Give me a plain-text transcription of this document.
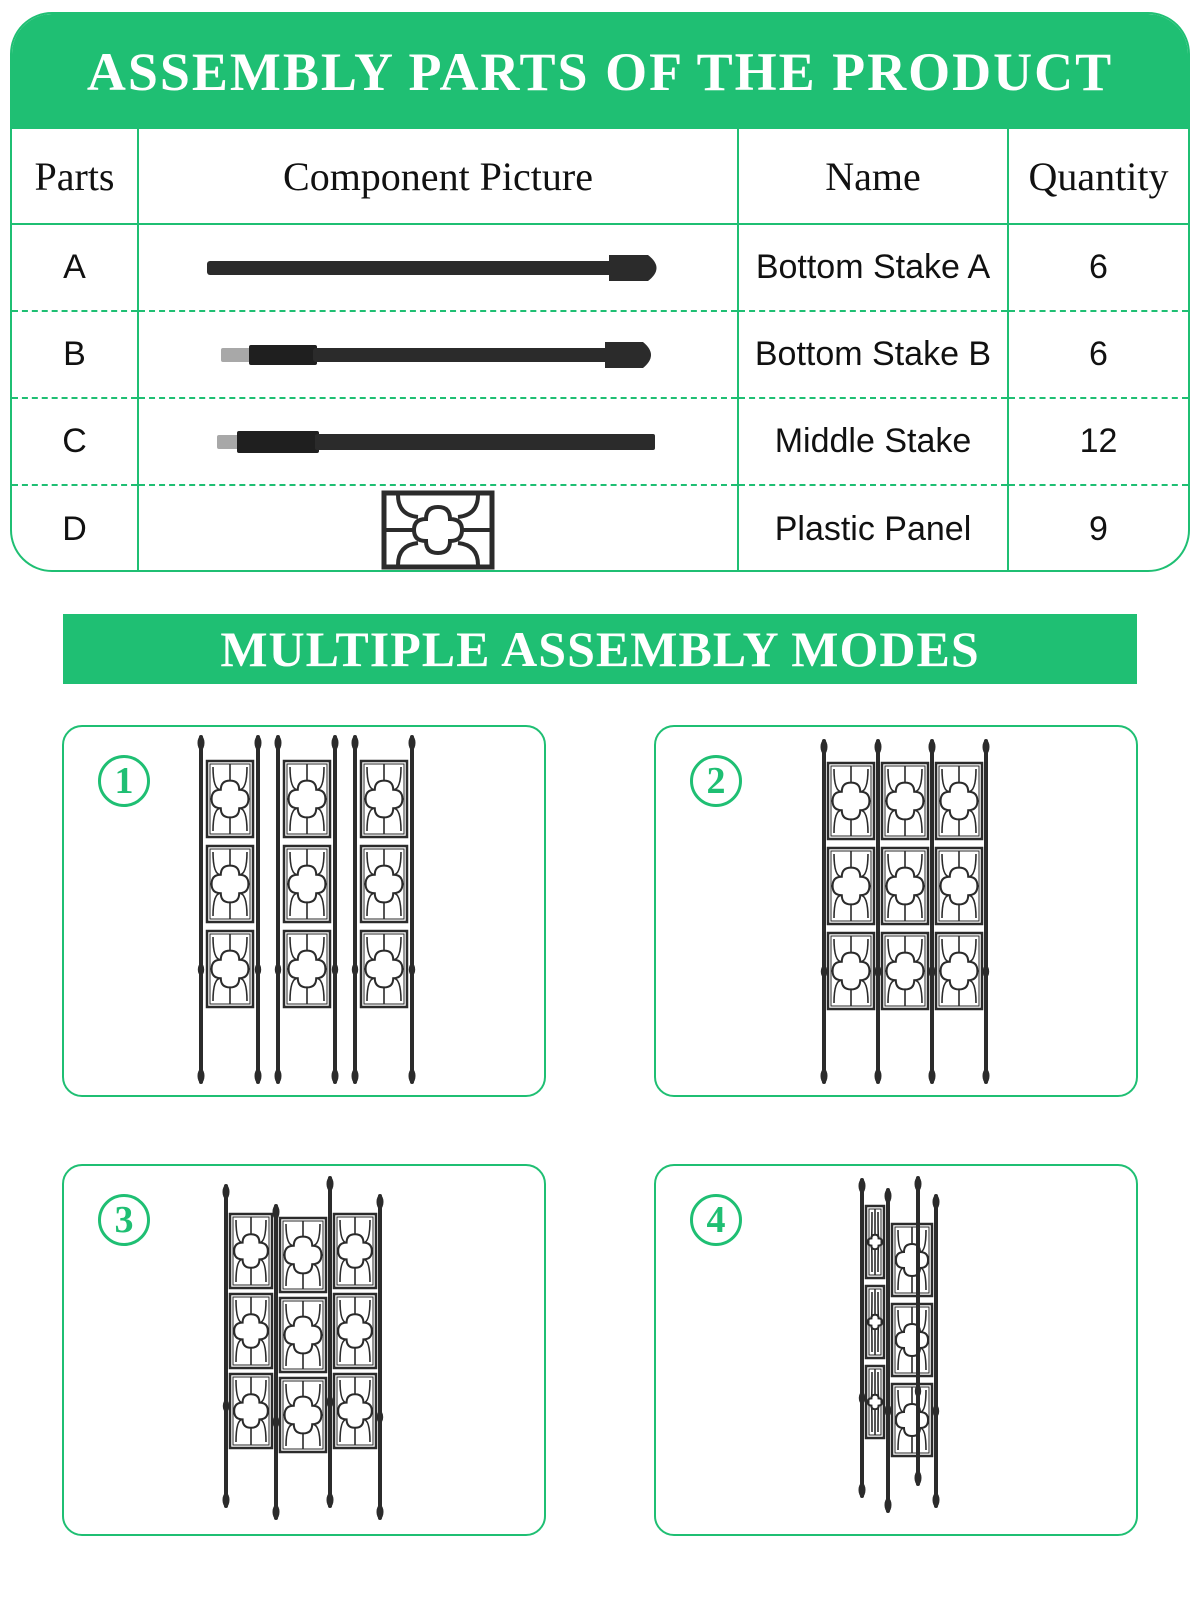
ASSEMBLY PARTS OF THE PRODUCT
Parts	Component Picture	Name	Quantity
A		Bottom Stake A	6
B		Bottom Stake B	6
C		Middle Stake	12
D		Plastic Panel	9
MULTIPLE ASSEMBLY MODES
1	2
3	4
